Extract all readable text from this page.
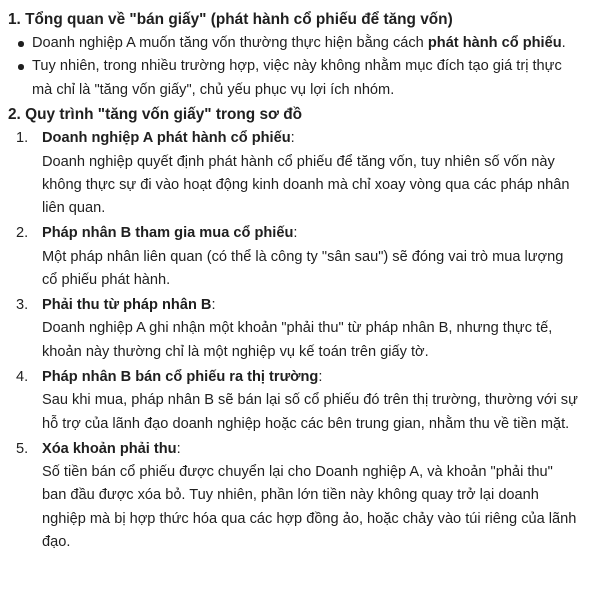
1. Tổng quan về "bán giấy" (phát hành cổ phiếu để tăng vốn)
Doanh nghiệp A muốn tăng vốn thường thực hiện bằng cách phát hành cổ phiếu.
Tuy nhiên, trong nhiều trường hợp, việc này không nhằm mục đích tạo giá trị thực mà chỉ là "tăng vốn giấy", chủ yếu phục vụ lợi ích nhóm.
2. Quy trình "tăng vốn giấy" trong sơ đồ
1. Doanh nghiệp A phát hành cổ phiếu:
Doanh nghiệp quyết định phát hành cổ phiếu để tăng vốn, tuy nhiên số vốn này không thực sự đi vào hoạt động kinh doanh mà chỉ xoay vòng qua các pháp nhân liên quan.
2. Pháp nhân B tham gia mua cổ phiếu:
Một pháp nhân liên quan (có thể là công ty "sân sau") sẽ đóng vai trò mua lượng cổ phiếu phát hành.
3. Phải thu từ pháp nhân B:
Doanh nghiệp A ghi nhận một khoản "phải thu" từ pháp nhân B, nhưng thực tế, khoản này thường chỉ là một nghiệp vụ kế toán trên giấy tờ.
4. Pháp nhân B bán cổ phiếu ra thị trường:
Sau khi mua, pháp nhân B sẽ bán lại số cổ phiếu đó trên thị trường, thường với sự hỗ trợ của lãnh đạo doanh nghiệp hoặc các bên trung gian, nhằm thu về tiền mặt.
5. Xóa khoản phải thu:
Số tiền bán cổ phiếu được chuyển lại cho Doanh nghiệp A, và khoản "phải thu" ban đầu được xóa bỏ. Tuy nhiên, phần lớn tiền này không quay trở lại doanh nghiệp mà bị hợp thức hóa qua các hợp đồng ảo, hoặc chảy vào túi riêng của lãnh đạo.
